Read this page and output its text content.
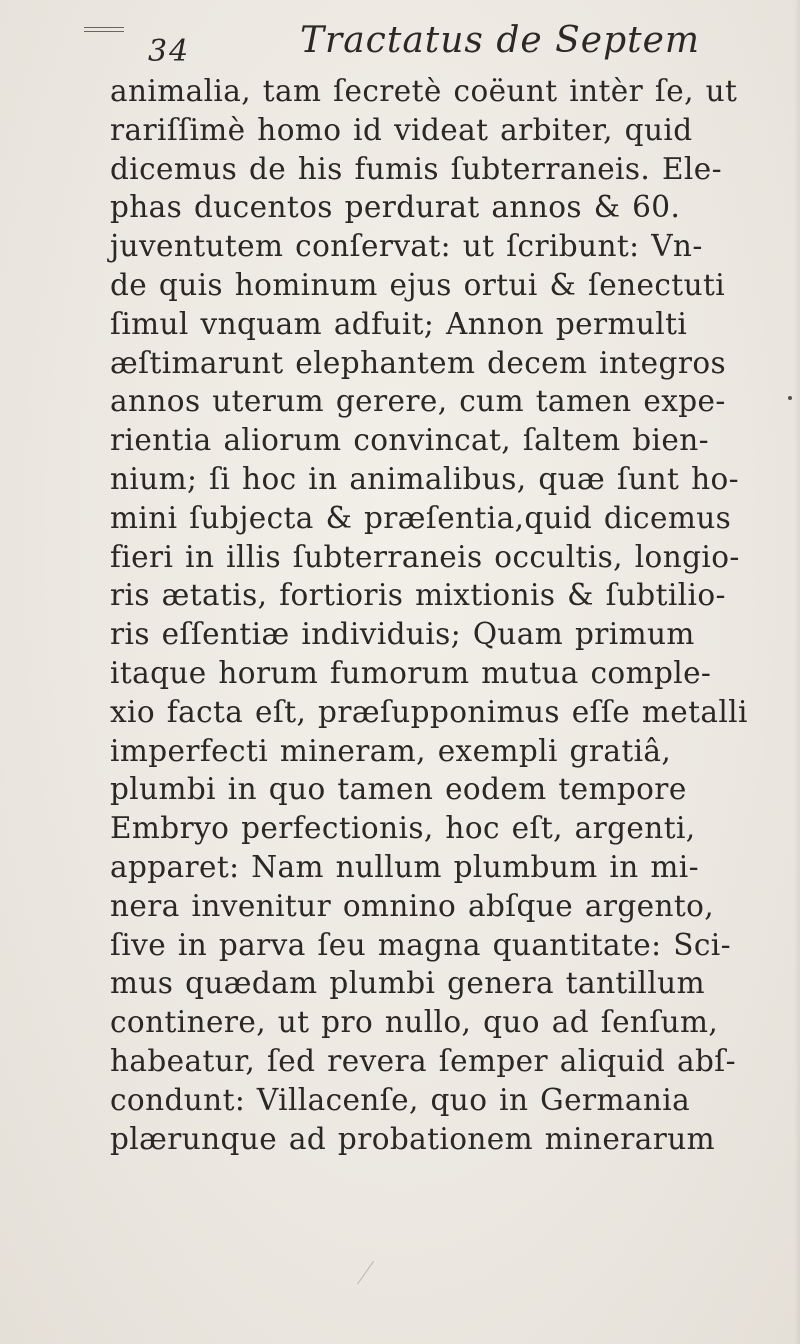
34	Tractatus de Septem
animalia, tam ſecretè coëunt intèr ſe, ut
rariſſimè homo id videat arbiter, quid
dicemus de his fumis ſubterraneis. Ele-
phas ducentos perdurat annos & 60.
juventutem conſervat: ut ſcribunt: Vn-
de quis hominum ejus ortui & ſenectuti
ſimul vnquam adfuit; Annon permulti
æſtimarunt elephantem decem integros
annos uterum gerere, cum tamen expe-
rientia aliorum convincat, ſaltem bien-
nium; ſi hoc in animalibus, quæ ſunt ho-
mini ſubjecta & præſentia,quid dicemus
fieri in illis ſubterraneis occultis, longio-
ris ætatis, fortioris mixtionis & ſubtilio-
ris eſſentiæ individuis; Quam primum
itaque horum fumorum mutua comple-
xio facta eſt, præſupponimus eſſe metalli
imperfecti mineram, exempli gratiâ,
plumbi in quo tamen eodem tempore
Embryo perfectionis, hoc eſt, argenti,
apparet: Nam nullum plumbum in mi-
nera invenitur omnino abſque argento,
ſive in parva ſeu magna quantitate: Sci-
mus quædam plumbi genera tantillum
continere, ut pro nullo, quo ad ſenſum,
habeatur, ſed revera ſemper aliquid abſ-
condunt: Villacenſe, quo in Germania
plærunque ad probationem minerarum
